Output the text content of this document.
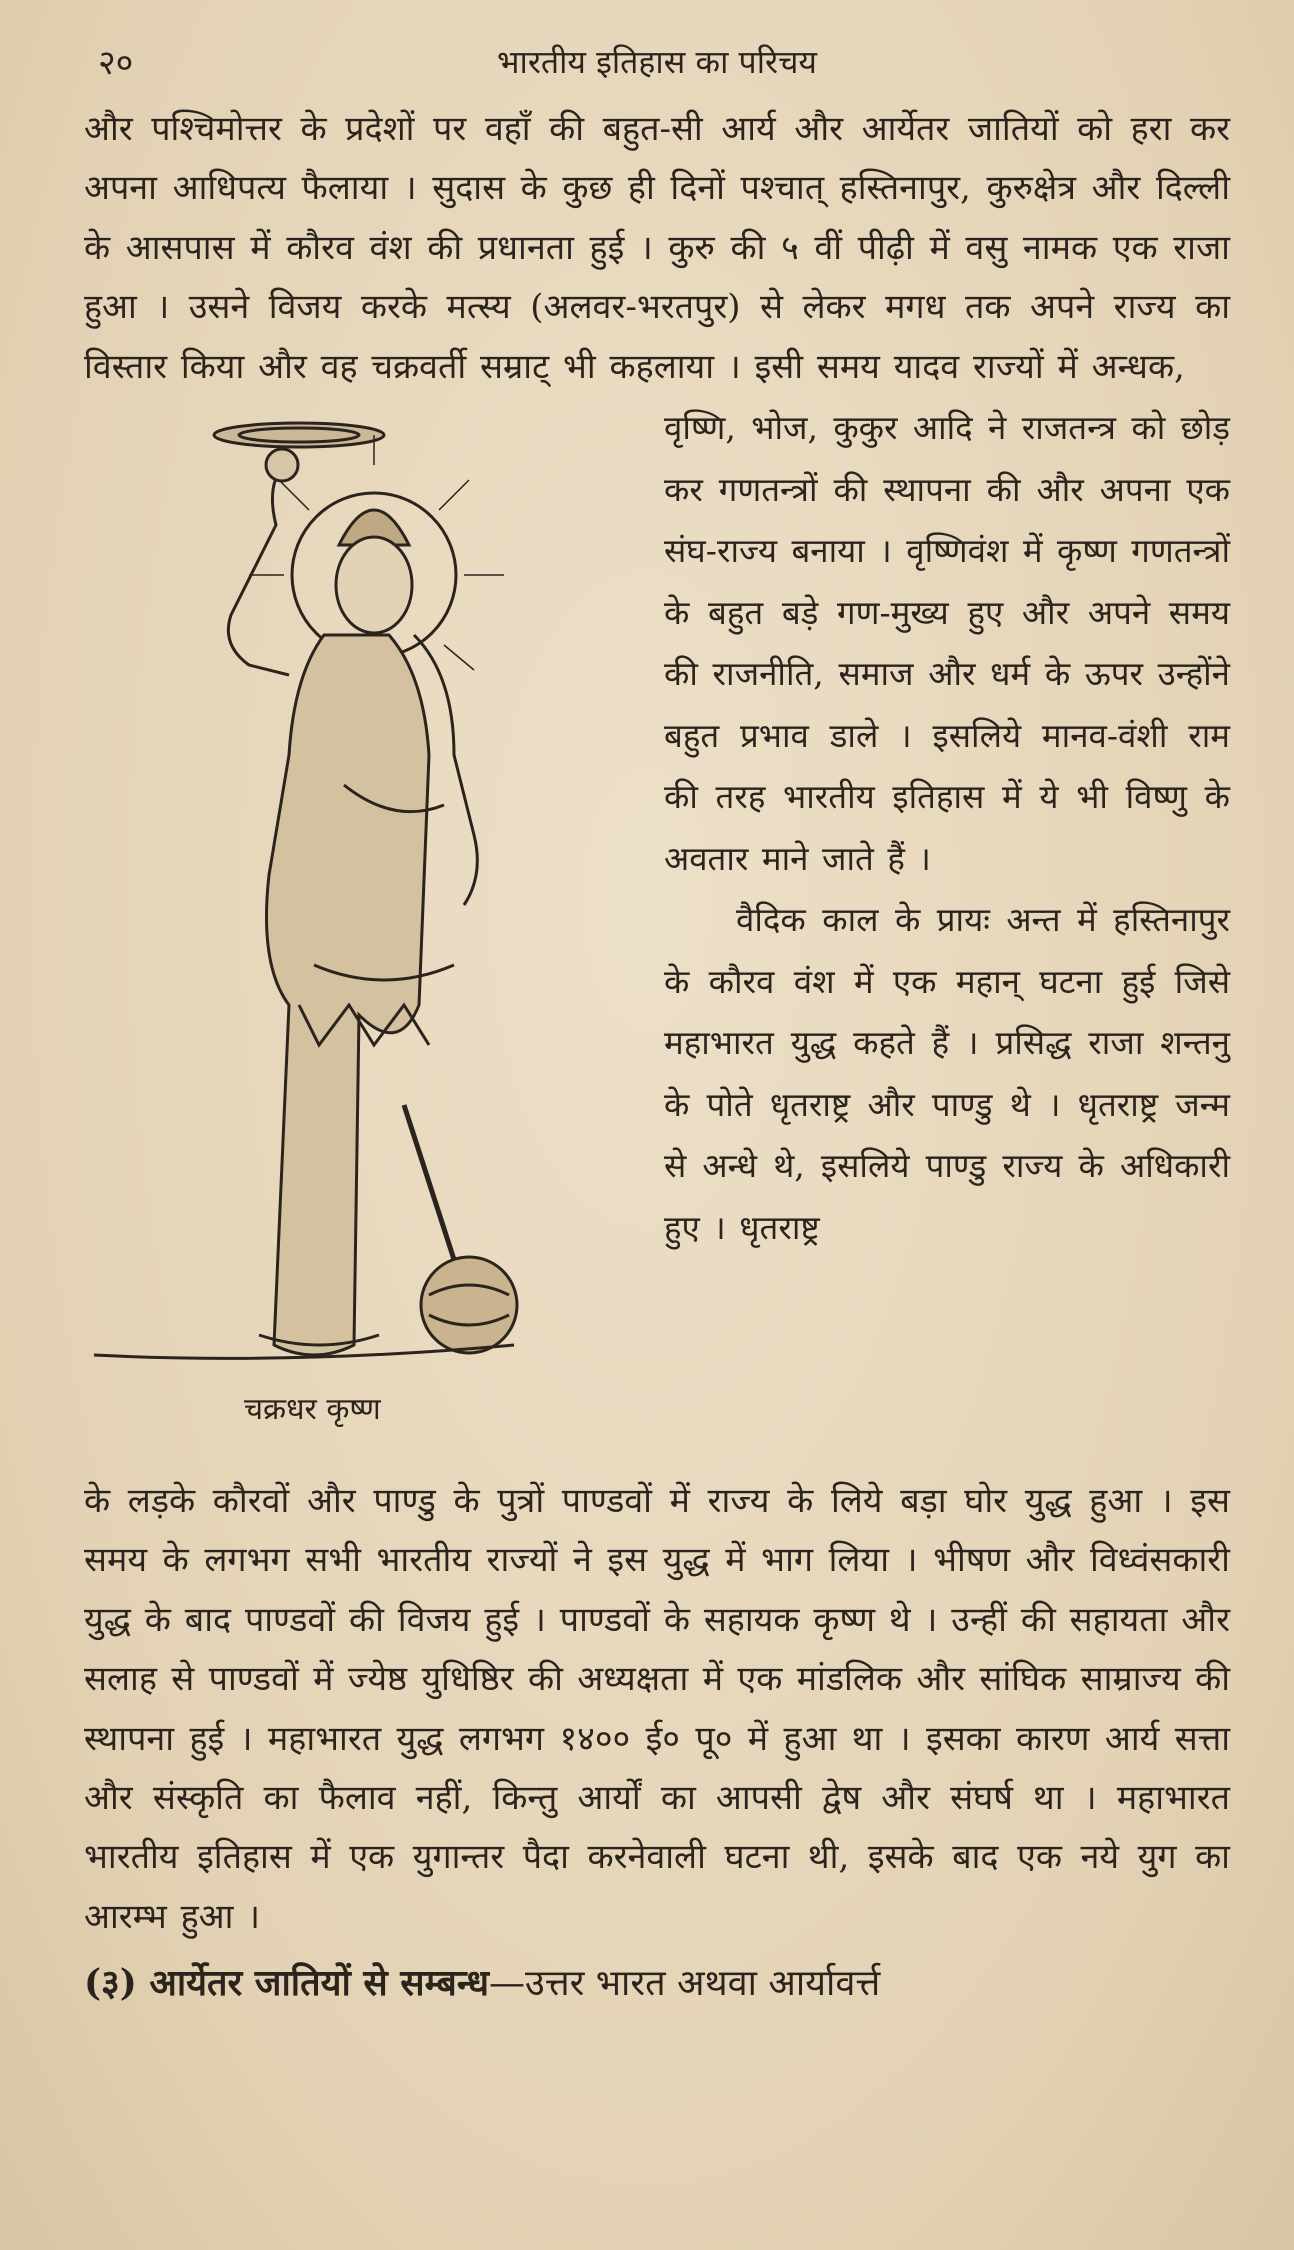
२०	भारतीय इतिहास का परिचय

और पश्चिमोत्तर के प्रदेशों पर वहाँ की बहुत-सी आर्य और आर्येतर जातियों को हरा कर अपना आधिपत्य फैलाया । सुदास के कुछ ही दिनों पश्चात् हस्तिनापुर, कुरुक्षेत्र और दिल्ली के आसपास में कौरव वंश की प्रधानता हुई । कुरु की ५ वीं पीढ़ी में वसु नामक एक राजा हुआ । उसने विजय करके मत्स्य (अलवर-भरतपुर) से लेकर मगध तक अपने राज्य का विस्तार किया और वह चक्रवर्ती सम्राट् भी कहलाया । इसी समय यादव राज्यों में अन्धक,

चक्रधर कृष्ण

वृष्णि, भोज, कुकुर आदि ने राजतन्त्र को छोड़ कर गणतन्त्रों की स्थापना की और अपना एक संघ-राज्य बनाया । वृष्णिवंश में कृष्ण गणतन्त्रों के बहुत बड़े गण-मुख्य हुए और अपने समय की राजनीति, समाज और धर्म के ऊपर उन्होंने बहुत प्रभाव डाले । इसलिये मानव-वंशी राम की तरह भारतीय इतिहास में ये भी विष्णु के अवतार माने जाते हैं ।

वैदिक काल के प्रायः अन्त में हस्तिनापुर के कौरव वंश में एक महान् घटना हुई जिसे महाभारत युद्ध कहते हैं । प्रसिद्ध राजा शन्तनु के पोते धृतराष्ट्र और पाण्डु थे । धृतराष्ट्र जन्म से अन्धे थे, इसलिये पाण्डु राज्य के अधिकारी हुए । धृतराष्ट्र

के लड़के कौरवों और पाण्डु के पुत्रों पाण्डवों में राज्य के लिये बड़ा घोर युद्ध हुआ । इस समय के लगभग सभी भारतीय राज्यों ने इस युद्ध में भाग लिया । भीषण और विध्वंसकारी युद्ध के बाद पाण्डवों की विजय हुई । पाण्डवों के सहायक कृष्ण थे । उन्हीं की सहायता और सलाह से पाण्डवों में ज्येष्ठ युधिष्ठिर की अध्यक्षता में एक मांडलिक और सांघिक साम्राज्य की स्थापना हुई । महाभारत युद्ध लगभग १४०० ई० पू० में हुआ था । इसका कारण आर्य सत्ता और संस्कृति का फैलाव नहीं, किन्तु आर्यों का आपसी द्वेष और संघर्ष था । महाभारत भारतीय इतिहास में एक युगान्तर पैदा करनेवाली घटना थी, इसके बाद एक नये युग का आरम्भ हुआ ।

(३) आर्येतर जातियों से सम्बन्ध—उत्तर भारत अथवा आर्यावर्त्त
